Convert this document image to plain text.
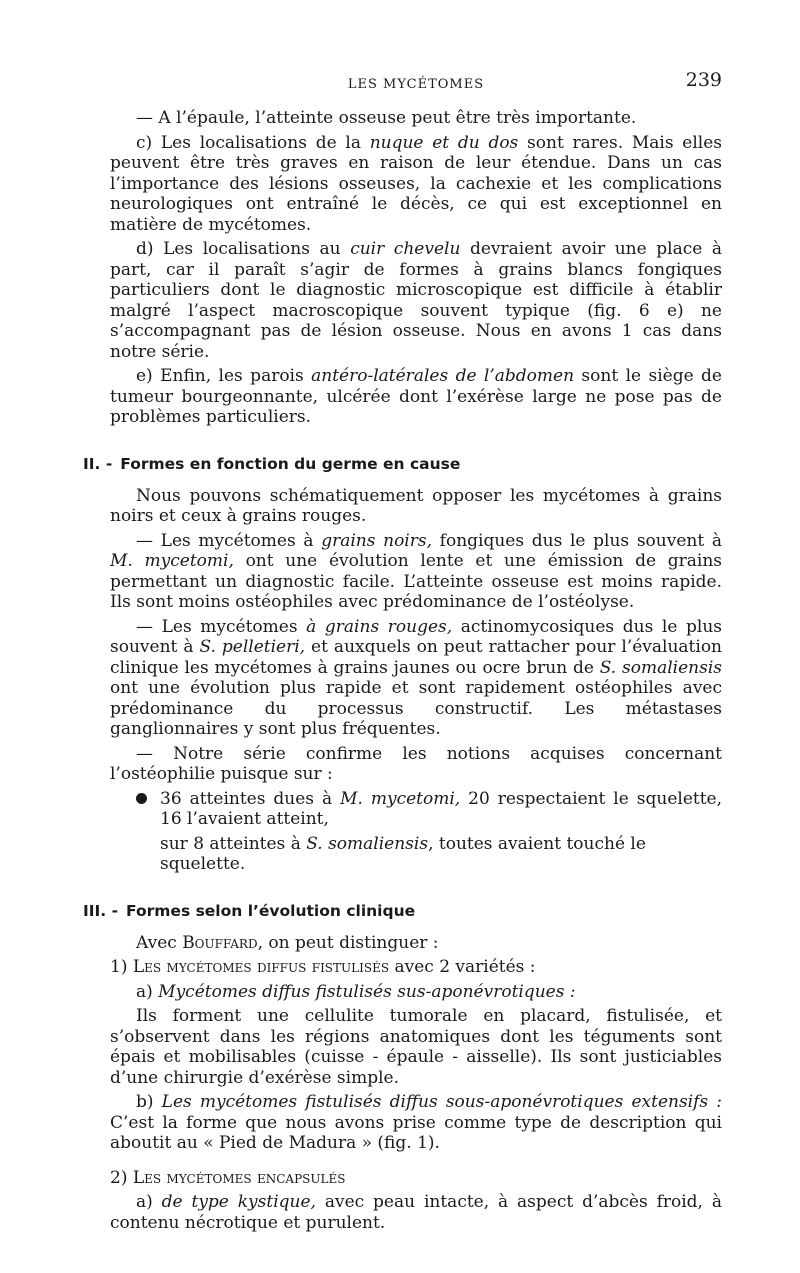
LES MYCÉTOMES	239

— A l’épaule, l’atteinte osseuse peut être très importante.

c) Les localisations de la nuque et du dos sont rares. Mais elles peuvent être très graves en raison de leur étendue. Dans un cas l’importance des lésions osseuses, la cachexie et les complications neurologiques ont entraîné le décès, ce qui est exceptionnel en matière de mycétomes.

d) Les localisations au cuir chevelu devraient avoir une place à part, car il paraît s’agir de formes à grains blancs fongiques particuliers dont le diagnostic microscopique est difficile à établir malgré l’aspect macroscopique souvent typique (fig. 6 e) ne s’accompagnant pas de lésion osseuse. Nous en avons 1 cas dans notre série.

e) Enfin, les parois antéro-latérales de l’abdomen sont le siège de tumeur bourgeonnante, ulcérée dont l’exérèse large ne pose pas de problèmes particuliers.

II. - Formes en fonction du germe en cause

Nous pouvons schématiquement opposer les mycétomes à grains noirs et ceux à grains rouges.

— Les mycétomes à grains noirs, fongiques dus le plus souvent à M. mycetomi, ont une évolution lente et une émission de grains permettant un diagnostic facile. L’atteinte osseuse est moins rapide. Ils sont moins ostéophiles avec prédominance de l’ostéolyse.

— Les mycétomes à grains rouges, actinomycosiques dus le plus souvent à S. pelletieri, et auxquels on peut rattacher pour l’évaluation clinique les mycétomes à grains jaunes ou ocre brun de S. somaliensis ont une évolution plus rapide et sont rapidement ostéophiles avec prédominance du processus constructif. Les métastases ganglionnaires y sont plus fréquentes.

— Notre série confirme les notions acquises concernant l’ostéophilie puisque sur :

36 atteintes dues à M. mycetomi, 20 respectaient le squelette, 16 l’avaient atteint,

sur 8 atteintes à S. somaliensis, toutes avaient touché le squelette.

III. - Formes selon l’évolution clinique

Avec Bouffard, on peut distinguer :

1) Les mycétomes diffus fistulisés avec 2 variétés :

a) Mycétomes diffus fistulisés sus-aponévrotiques :

Ils forment une cellulite tumorale en placard, fistulisée, et s’observent dans les régions anatomiques dont les téguments sont épais et mobilisables (cuisse - épaule - aisselle). Ils sont justiciables d’une chirurgie d’exérèse simple.

b) Les mycétomes fistulisés diffus sous-aponévrotiques extensifs : C’est la forme que nous avons prise comme type de description qui aboutit au « Pied de Madura » (fig. 1).

2) Les mycétomes encapsulés

a) de type kystique, avec peau intacte, à aspect d’abcès froid, à contenu nécrotique et purulent.
